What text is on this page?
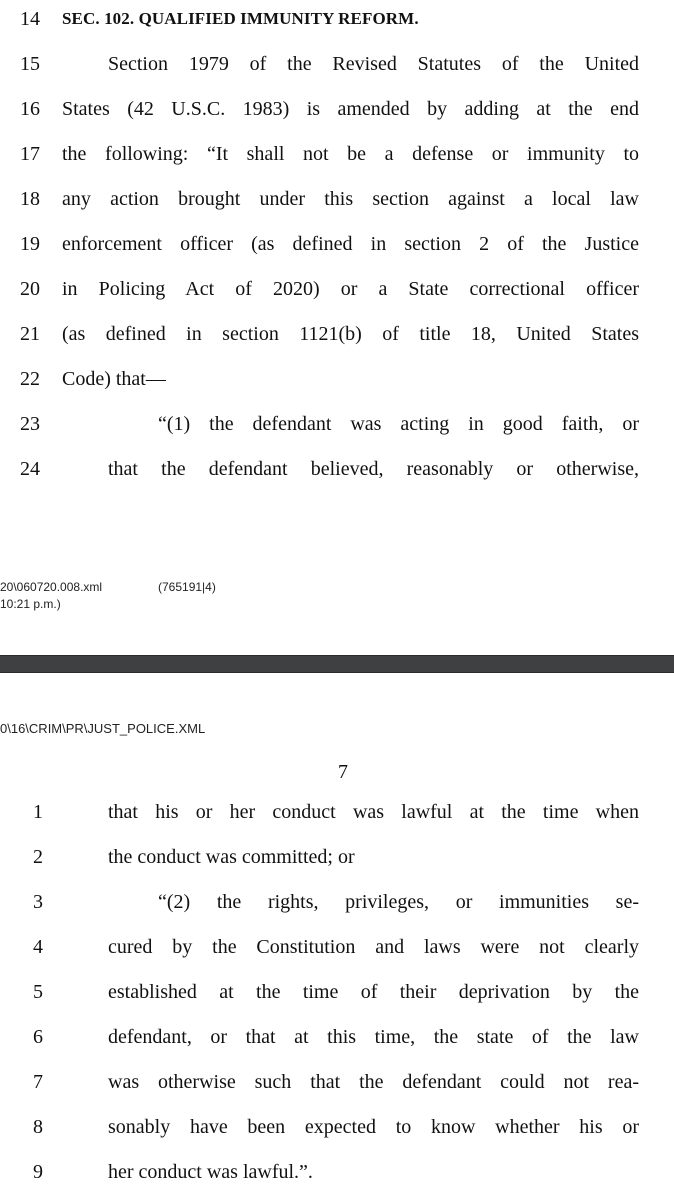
14 SEC. 102. QUALIFIED IMMUNITY REFORM.
15	Section 1979 of the Revised Statutes of the United
16 States (42 U.S.C. 1983) is amended by adding at the end
17 the following: “It shall not be a defense or immunity to
18 any action brought under this section against a local law
19 enforcement officer (as defined in section 2 of the Justice
20 in Policing Act of 2020) or a State correctional officer
21 (as defined in section 1121(b) of title 18, United States
22 Code) that—
23	“(1) the defendant was acting in good faith, or
24	that the defendant believed, reasonably or otherwise,
20\060720.008.xml
10:21 p.m.)
(765191|4)
0\16\CRIM\PR\JUST_POLICE.XML
7
1	that his or her conduct was lawful at the time when
2	the conduct was committed; or
3	“(2) the rights, privileges, or immunities se-
4	cured by the Constitution and laws were not clearly
5	established at the time of their deprivation by the
6	defendant, or that at this time, the state of the law
7	was otherwise such that the defendant could not rea-
8	sonably have been expected to know whether his or
9	her conduct was lawful.”.
